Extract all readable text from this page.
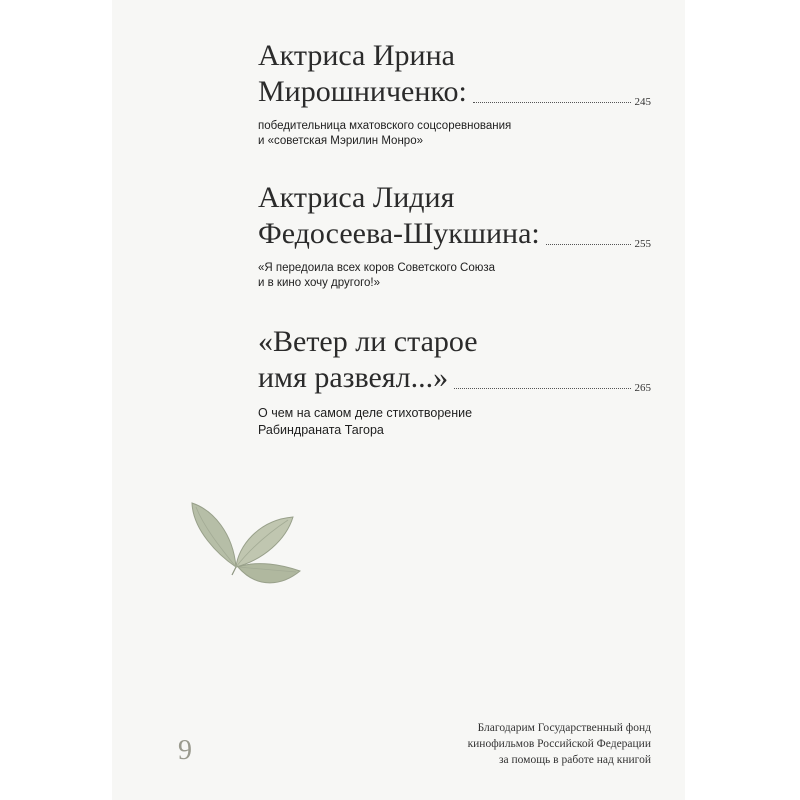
Актриса Ирина
Мирошниченко:	245
победительница мхатовского соцсоревнования
и «советская Мэрилин Монро»
Актриса Лидия
Федосеева-Шукшина:	255
«Я передоила всех коров Советского Союза
и в кино хочу другого!»
«Ветер ли старое
имя развеял...»	265
О чем на самом деле стихотворение
Рабиндраната Тагора
9
Благодарим Государственный фонд
кинофильмов Российской Федерации
за помощь в работе над книгой
